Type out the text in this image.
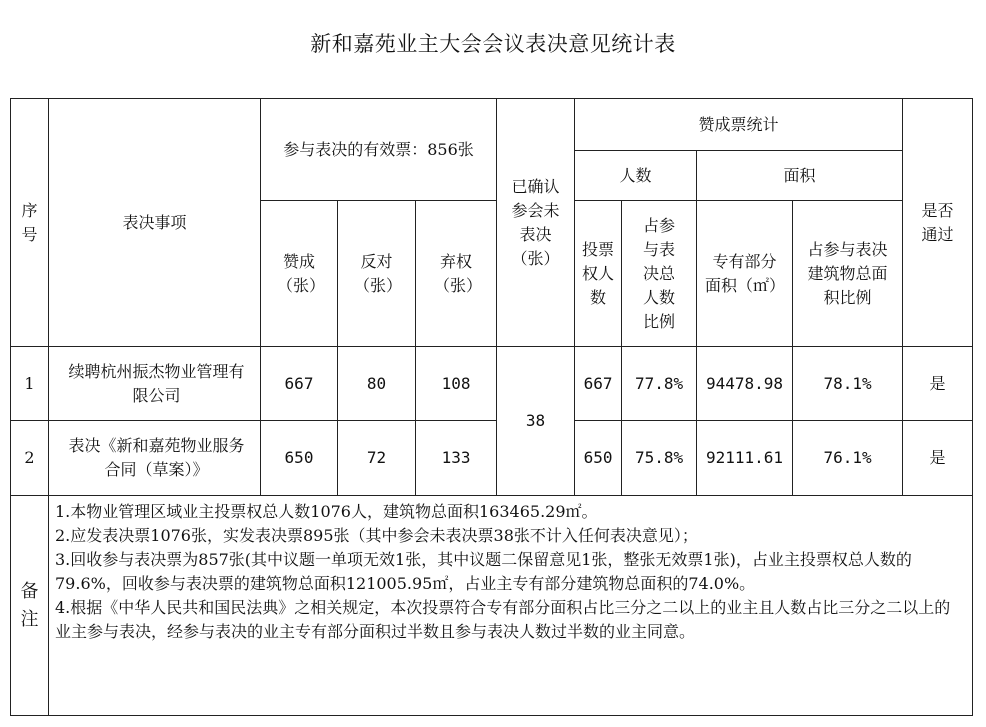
新和嘉苑业主大会会议表决意见统计表
序号	表决事项	参与表决的有效票：856张			已确认参会未表决（张）	赞成票统计				是否通过
						人数		面积		
		赞成（张）	反对（张）	弃权（张）		投票权人数	占参与表决总人数比例	专有部分面积（㎡）	占参与表决建筑物总面积比例	
1	续聘杭州振杰物业管理有限公司	667	80	108	38	667	77.8%	94478.98	78.1%	是
2	表决《新和嘉苑物业服务合同（草案）》	650	72	133		650	75.8%	92111.61	76.1%	是
备注	1.本物业管理区域业主投票权总人数1076人，建筑物总面积163465.29㎡。
2.应发表决票1076张，实发表决票895张（其中参会未表决票38张不计入任何表决意见）；
3.回收参与表决票为857张(其中议题一单项无效1张，其中议题二保留意见1张，整张无效票1张)，占业主投票权总人数的79.6%，回收参与表决票的建筑物总面积121005.95㎡，占业主专有部分建筑物总面积的74.0%。
4.根据《中华人民共和国民法典》之相关规定，本次投票符合专有部分面积占比三分之二以上的业主且人数占比三分之二以上的业主参与表决，经参与表决的业主专有部分面积过半数且参与表决人数过半数的业主同意。									
